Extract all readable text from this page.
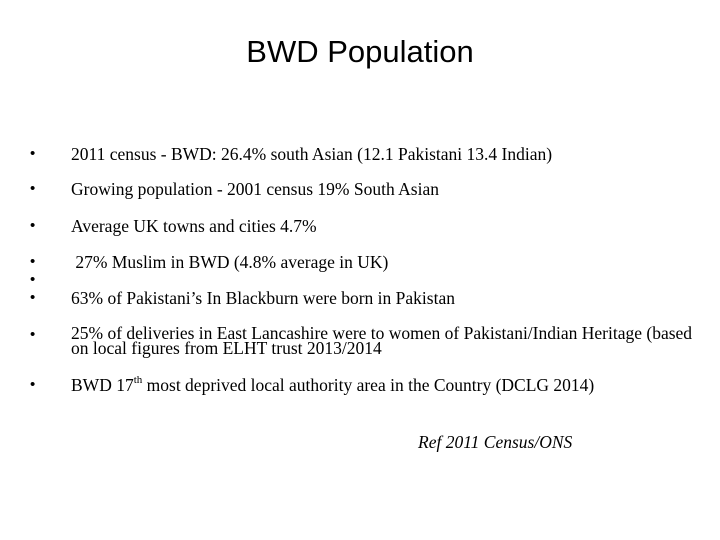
BWD Population
•	2011 census - BWD: 26.4% south Asian (12.1 Pakistani 13.4 Indian)
•	Growing population - 2001 census 19% South Asian
•	Average UK towns and cities 4.7%
•	27% Muslim in BWD (4.8% average in UK)
•
•	63% of Pakistani’s In Blackburn were born in Pakistan
•	25% of deliveries in East Lancashire were to women of Pakistani/Indian Heritage (based on local figures from ELHT trust 2013/2014
•	BWD 17th most deprived local authority area in the Country (DCLG 2014)
Ref 2011 Census/ONS
